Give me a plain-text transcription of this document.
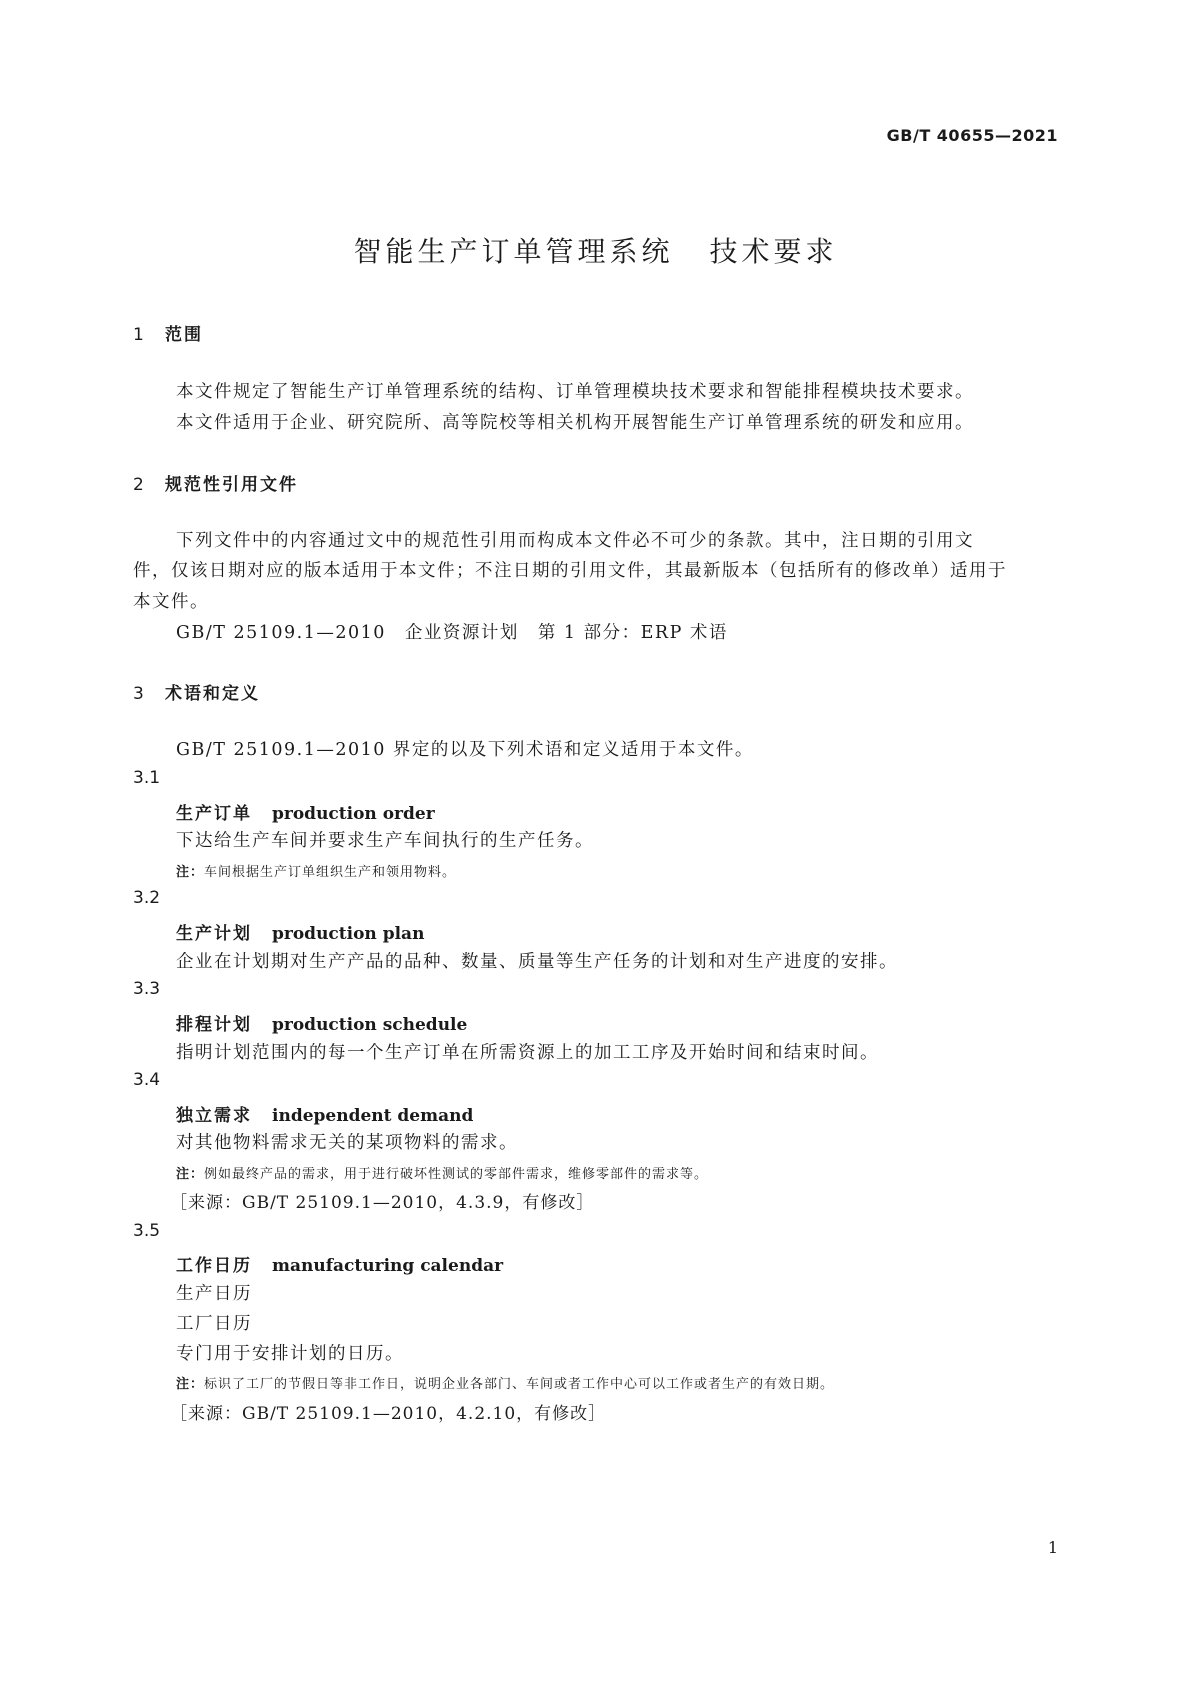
GB/T 40655—2021
智能生产订单管理系统 技术要求
1 范围
本文件规定了智能生产订单管理系统的结构、订单管理模块技术要求和智能排程模块技术要求。
本文件适用于企业、研究院所、高等院校等相关机构开展智能生产订单管理系统的研发和应用。
2 规范性引用文件
下列文件中的内容通过文中的规范性引用而构成本文件必不可少的条款。其中，注日期的引用文
件，仅该日期对应的版本适用于本文件；不注日期的引用文件，其最新版本（包括所有的修改单）适用于
本文件。
GB/T 25109.1—2010　企业资源计划　第 1 部分：ERP 术语
3 术语和定义
GB/T 25109.1—2010 界定的以及下列术语和定义适用于本文件。
3.1
生产订单 production order
下达给生产车间并要求生产车间执行的生产任务。
注：车间根据生产订单组织生产和领用物料。
3.2
生产计划 production plan
企业在计划期对生产产品的品种、数量、质量等生产任务的计划和对生产进度的安排。
3.3
排程计划 production schedule
指明计划范围内的每一个生产订单在所需资源上的加工工序及开始时间和结束时间。
3.4
独立需求 independent demand
对其他物料需求无关的某项物料的需求。
注：例如最终产品的需求，用于进行破坏性测试的零部件需求，维修零部件的需求等。
［来源：GB/T 25109.1—2010，4.3.9，有修改］
3.5
工作日历 manufacturing calendar
生产日历
工厂日历
专门用于安排计划的日历。
注：标识了工厂的节假日等非工作日，说明企业各部门、车间或者工作中心可以工作或者生产的有效日期。
［来源：GB/T 25109.1—2010，4.2.10，有修改］
1
